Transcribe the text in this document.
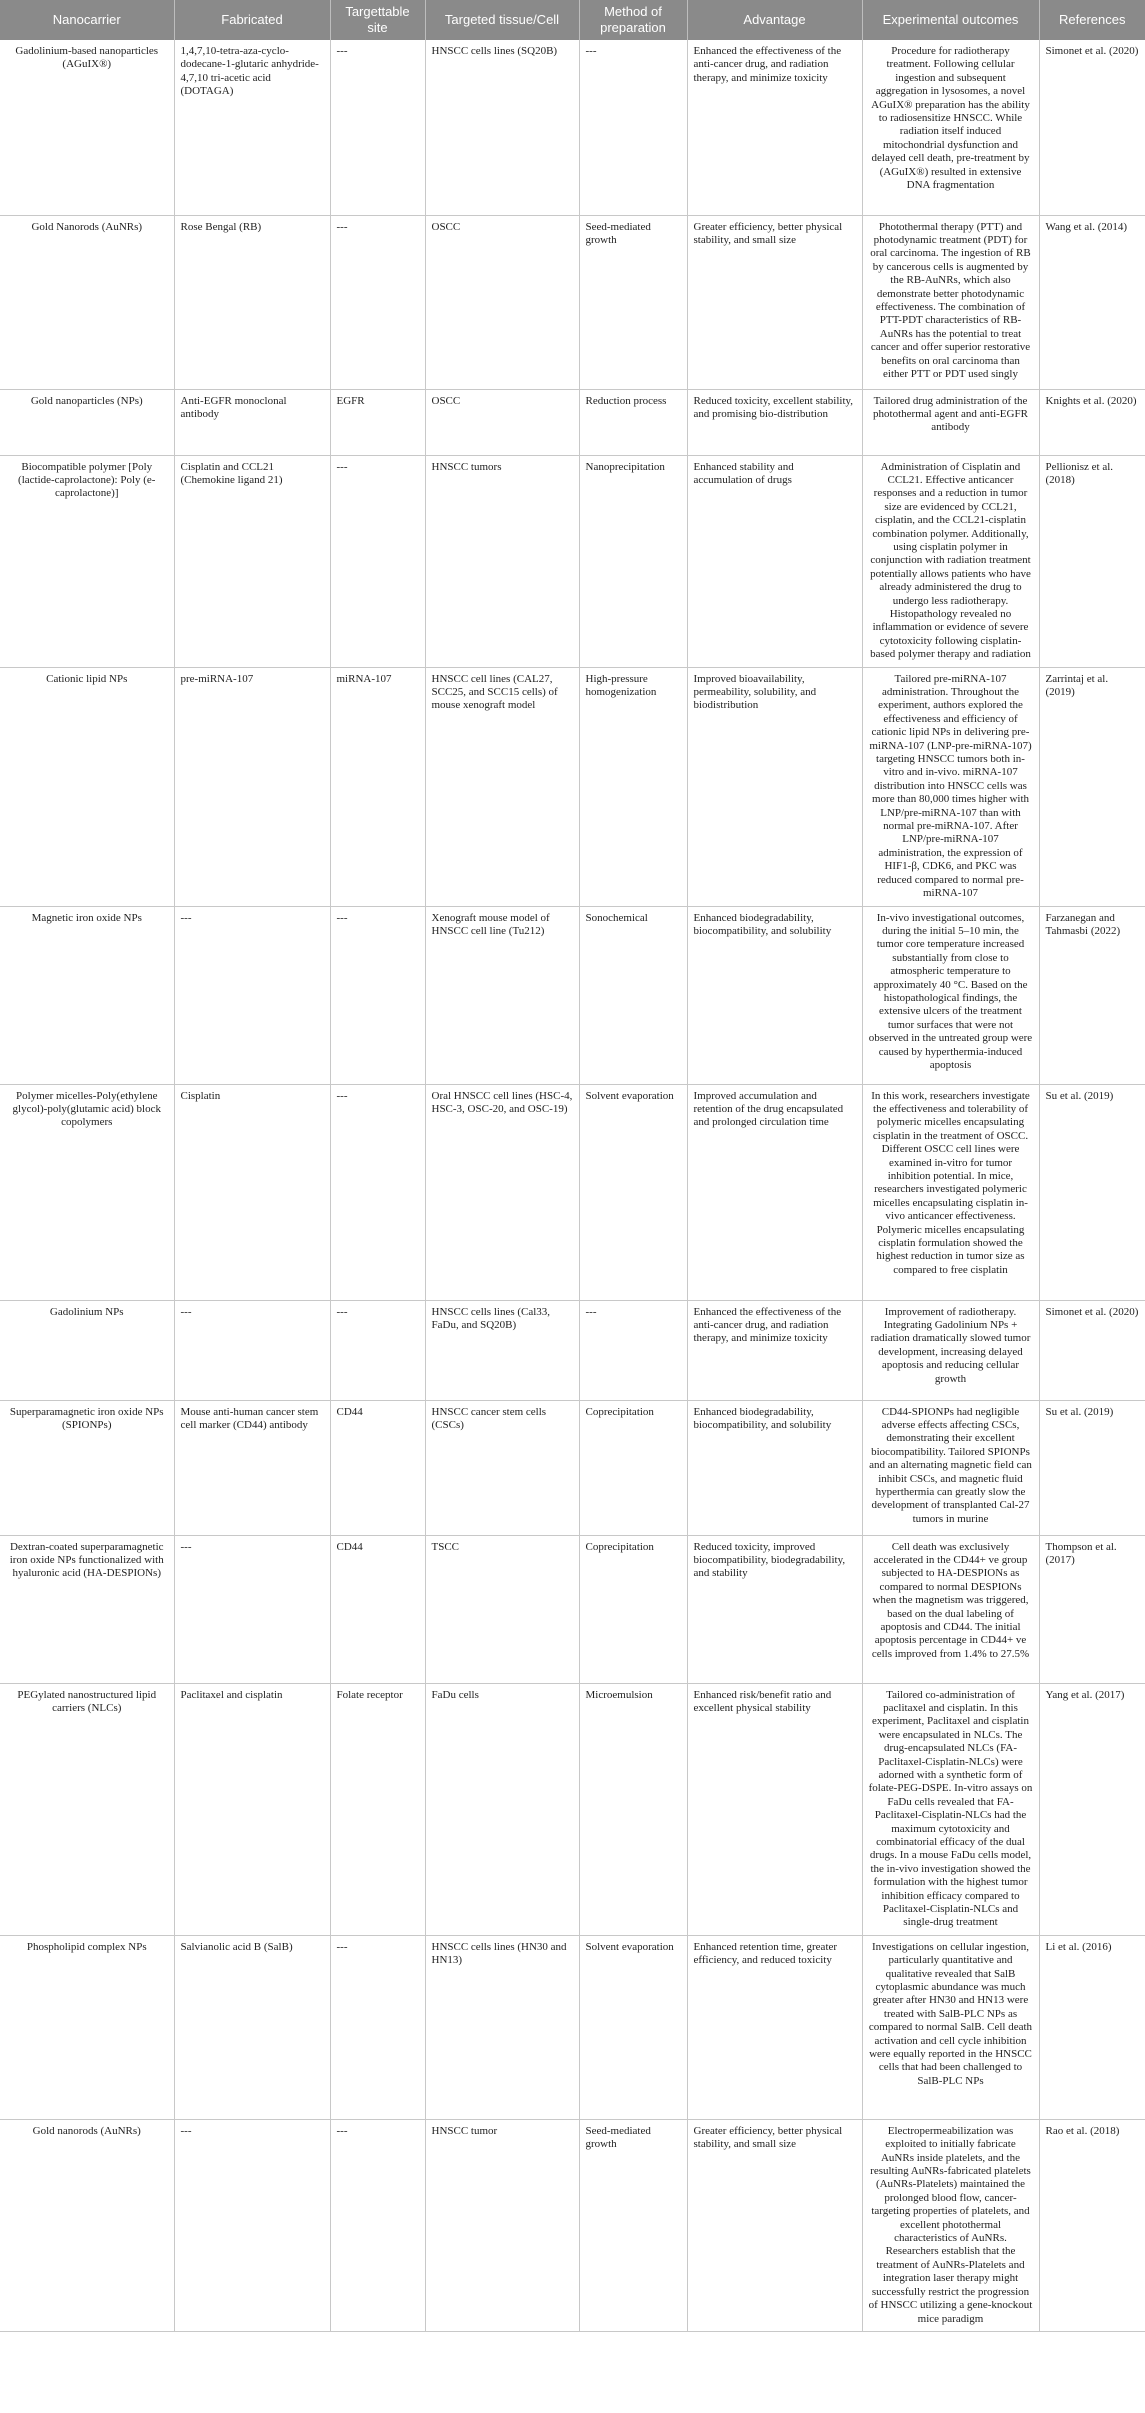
Nanocarrier	Fabricated	Targettable site	Targeted tissue/Cell	Method of preparation	Advantage	Experimental outcomes	References
Gadolinium-based nanoparticles (AGuIX®)	1,4,7,10-tetra-aza-cyclo-dodecane-1-glutaric anhydride-4,7,10 tri-acetic acid (DOTAGA)	---	HNSCC cells lines (SQ20B)	---	Enhanced the effectiveness of the anti-cancer drug, and radiation therapy, and minimize toxicity	Procedure for radiotherapy treatment. Following cellular ingestion and subsequent aggregation in lysosomes, a novel AGuIX® preparation has the ability to radiosensitize HNSCC. While radiation itself induced mitochondrial dysfunction and delayed cell death, pre-treatment by (AGuIX®) resulted in extensive DNA fragmentation	Simonet et al. (2020)
Gold Nanorods (AuNRs)	Rose Bengal (RB)	---	OSCC	Seed-mediated growth	Greater efficiency, better physical stability, and small size	Photothermal therapy (PTT) and photodynamic treatment (PDT) for oral carcinoma. The ingestion of RB by cancerous cells is augmented by the RB-AuNRs, which also demonstrate better photodynamic effectiveness. The combination of PTT-PDT characteristics of RB-AuNRs has the potential to treat cancer and offer superior restorative benefits on oral carcinoma than either PTT or PDT used singly	Wang et al. (2014)
Gold nanoparticles (NPs)	Anti-EGFR monoclonal antibody	EGFR	OSCC	Reduction process	Reduced toxicity, excellent stability, and promising bio-distribution	Tailored drug administration of the photothermal agent and anti-EGFR antibody	Knights et al. (2020)
Biocompatible polymer [Poly (lactide-caprolactone): Poly (e-caprolactone)]	Cisplatin and CCL21 (Chemokine ligand 21)	---	HNSCC tumors	Nanoprecipitation	Enhanced stability and accumulation of drugs	Administration of Cisplatin and CCL21. Effective anticancer responses and a reduction in tumor size are evidenced by CCL21, cisplatin, and the CCL21-cisplatin combination polymer. Additionally, using cisplatin polymer in conjunction with radiation treatment potentially allows patients who have already administered the drug to undergo less radiotherapy. Histopathology revealed no inflammation or evidence of severe cytotoxicity following cisplatin-based polymer therapy and radiation	Pellionisz et al. (2018)
Cationic lipid NPs	pre-miRNA-107	miRNA-107	HNSCC cell lines (CAL27, SCC25, and SCC15 cells) of mouse xenograft model	High-pressure homogenization	Improved bioavailability, permeability, solubility, and biodistribution	Tailored pre-miRNA-107 administration. Throughout the experiment, authors explored the effectiveness and efficiency of cationic lipid NPs in delivering pre-miRNA-107 (LNP-pre-miRNA-107) targeting HNSCC tumors both in-vitro and in-vivo. miRNA-107 distribution into HNSCC cells was more than 80,000 times higher with LNP/pre-miRNA-107 than with normal pre-miRNA-107. After LNP/pre-miRNA-107 administration, the expression of HIF1-β, CDK6, and PKC was reduced compared to normal pre-miRNA-107	Zarrintaj et al. (2019)
Magnetic iron oxide NPs	---	---	Xenograft mouse model of HNSCC cell line (Tu212)	Sonochemical	Enhanced biodegradability, biocompatibility, and solubility	In-vivo investigational outcomes, during the initial 5–10 min, the tumor core temperature increased substantially from close to atmospheric temperature to approximately 40 °C. Based on the histopathological findings, the extensive ulcers of the treatment tumor surfaces that were not observed in the untreated group were caused by hyperthermia-induced apoptosis	Farzanegan and Tahmasbi (2022)
Polymer micelles-Poly(ethylene glycol)-poly(glutamic acid) block copolymers	Cisplatin	---	Oral HNSCC cell lines (HSC-4, HSC-3, OSC-20, and OSC-19)	Solvent evaporation	Improved accumulation and retention of the drug encapsulated and prolonged circulation time	In this work, researchers investigate the effectiveness and tolerability of polymeric micelles encapsulating cisplatin in the treatment of OSCC. Different OSCC cell lines were examined in-vitro for tumor inhibition potential. In mice, researchers investigated polymeric micelles encapsulating cisplatin in-vivo anticancer effectiveness. Polymeric micelles encapsulating cisplatin formulation showed the highest reduction in tumor size as compared to free cisplatin	Su et al. (2019)
Gadolinium NPs	---	---	HNSCC cells lines (Cal33, FaDu, and SQ20B)	---	Enhanced the effectiveness of the anti-cancer drug, and radiation therapy, and minimize toxicity	Improvement of radiotherapy. Integrating Gadolinium NPs + radiation dramatically slowed tumor development, increasing delayed apoptosis and reducing cellular growth	Simonet et al. (2020)
Superparamagnetic iron oxide NPs (SPIONPs)	Mouse anti-human cancer stem cell marker (CD44) antibody	CD44	HNSCC cancer stem cells (CSCs)	Coprecipitation	Enhanced biodegradability, biocompatibility, and solubility	CD44-SPIONPs had negligible adverse effects affecting CSCs, demonstrating their excellent biocompatibility. Tailored SPIONPs and an alternating magnetic field can inhibit CSCs, and magnetic fluid hyperthermia can greatly slow the development of transplanted Cal-27 tumors in murine	Su et al. (2019)
Dextran-coated superparamagnetic iron oxide NPs functionalized with hyaluronic acid (HA-DESPIONs)	---	CD44	TSCC	Coprecipitation	Reduced toxicity, improved biocompatibility, biodegradability, and stability	Cell death was exclusively accelerated in the CD44+ ve group subjected to HA-DESPIONs as compared to normal DESPIONs when the magnetism was triggered, based on the dual labeling of apoptosis and CD44. The initial apoptosis percentage in CD44+ ve cells improved from 1.4% to 27.5%	Thompson et al. (2017)
PEGylated nanostructured lipid carriers (NLCs)	Paclitaxel and cisplatin	Folate receptor	FaDu cells	Microemulsion	Enhanced risk/benefit ratio and excellent physical stability	Tailored co-administration of paclitaxel and cisplatin. In this experiment, Paclitaxel and cisplatin were encapsulated in NLCs. The drug-encapsulated NLCs (FA-Paclitaxel-Cisplatin-NLCs) were adorned with a synthetic form of folate-PEG-DSPE. In-vitro assays on FaDu cells revealed that FA-Paclitaxel-Cisplatin-NLCs had the maximum cytotoxicity and combinatorial efficacy of the dual drugs. In a mouse FaDu cells model, the in-vivo investigation showed the formulation with the highest tumor inhibition efficacy compared to Paclitaxel-Cisplatin-NLCs and single-drug treatment	Yang et al. (2017)
Phospholipid complex NPs	Salvianolic acid B (SalB)	---	HNSCC cells lines (HN30 and HN13)	Solvent evaporation	Enhanced retention time, greater efficiency, and reduced toxicity	Investigations on cellular ingestion, particularly quantitative and qualitative revealed that SalB cytoplasmic abundance was much greater after HN30 and HN13 were treated with SalB-PLC NPs as compared to normal SalB. Cell death activation and cell cycle inhibition were equally reported in the HNSCC cells that had been challenged to SalB-PLC NPs	Li et al. (2016)
Gold nanorods (AuNRs)	---	---	HNSCC tumor	Seed-mediated growth	Greater efficiency, better physical stability, and small size	Electropermeabilization was exploited to initially fabricate AuNRs inside platelets, and the resulting AuNRs-fabricated platelets (AuNRs-Platelets) maintained the prolonged blood flow, cancer-targeting properties of platelets, and excellent photothermal characteristics of AuNRs. Researchers establish that the treatment of AuNRs-Platelets and integration laser therapy might successfully restrict the progression of HNSCC utilizing a gene-knockout mice paradigm	Rao et al. (2018)
